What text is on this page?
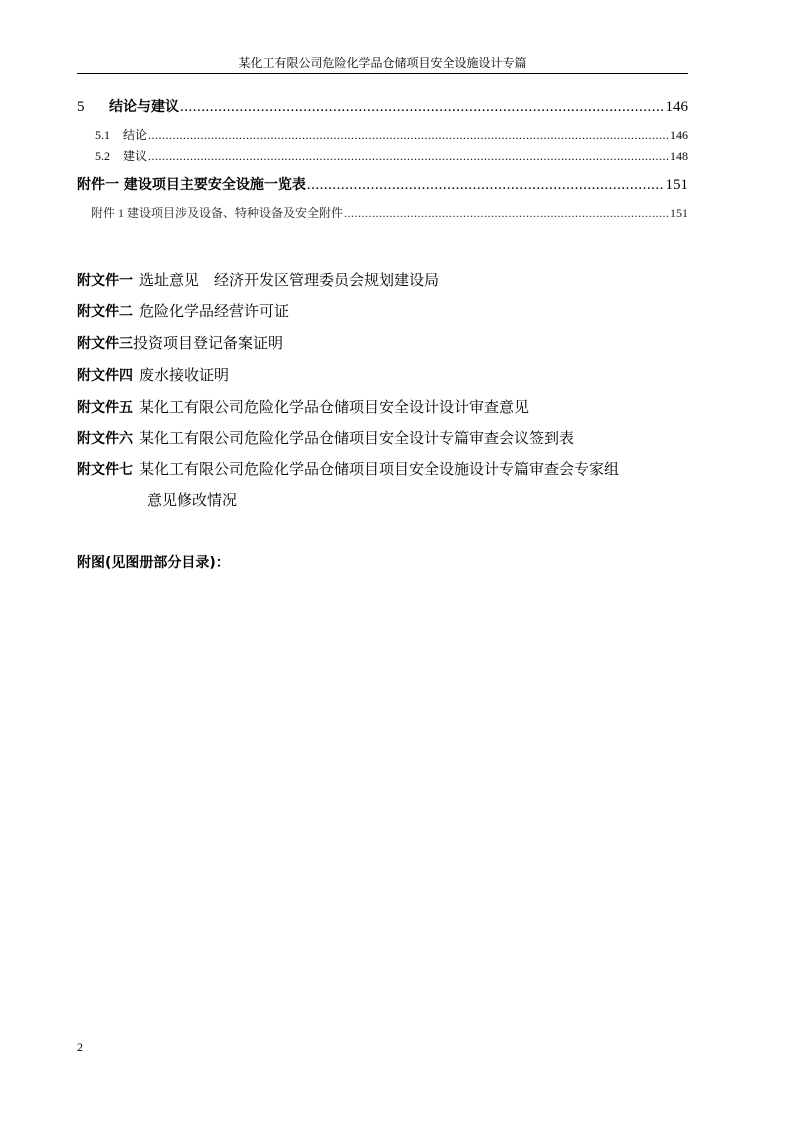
某化工有限公司危险化学品仓储项目安全设施设计专篇
5	结论与建议 .....	146
5.1	结论 .....	146
5.2	建议 .....	148
附件一 建设项目主要安全设施一览表 .....	151
附件 1 建设项目涉及设备、特种设备及安全附件 .....	151
附文件一 选址意见　经济开发区管理委员会规划建设局
附文件二 危险化学品经营许可证
附文件三投资项目登记备案证明
附文件四 废水接收证明
附文件五 某化工有限公司危险化学品仓储项目安全设计设计审查意见
附文件六 某化工有限公司危险化学品仓储项目安全设计专篇审查会议签到表
附文件七 某化工有限公司危险化学品仓储项目项目安全设施设计专篇审查会专家组
意见修改情况
附图(见图册部分目录)：
2
